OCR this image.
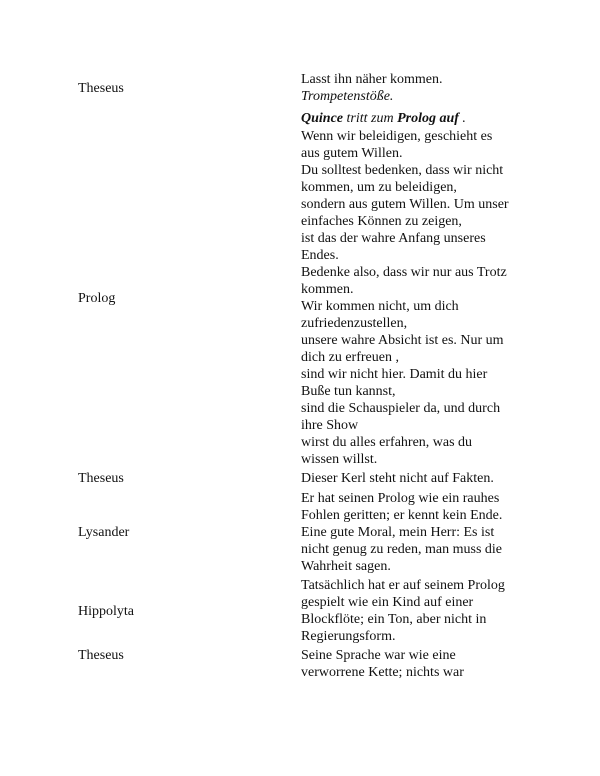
Theseus
Lasst ihn näher kommen.
Trompetenstöße.
Quince tritt zum Prolog auf .
Prolog
Wenn wir beleidigen, geschieht es
aus gutem Willen.
Du solltest bedenken, dass wir nicht
kommen, um zu beleidigen,
sondern aus gutem Willen. Um unser
einfaches Können zu zeigen,
ist das der wahre Anfang unseres
Endes.
Bedenke also, dass wir nur aus Trotz
kommen.
Wir kommen nicht, um dich
zufriedenzustellen,
unsere wahre Absicht ist es. Nur um
dich zu erfreuen ,
sind wir nicht hier. Damit du hier
Buße tun kannst,
sind die Schauspieler da, und durch
ihre Show
wirst du alles erfahren, was du
wissen willst.
Theseus	Dieser Kerl steht nicht auf Fakten.
Lysander
Er hat seinen Prolog wie ein rauhes
Fohlen geritten; er kennt kein Ende.
Eine gute Moral, mein Herr: Es ist
nicht genug zu reden, man muss die
Wahrheit sagen.
Hippolyta
Tatsächlich hat er auf seinem Prolog
gespielt wie ein Kind auf einer
Blockflöte; ein Ton, aber nicht in
Regierungsform.
Theseus	Seine Sprache war wie eine
verworrene Kette; nichts war
